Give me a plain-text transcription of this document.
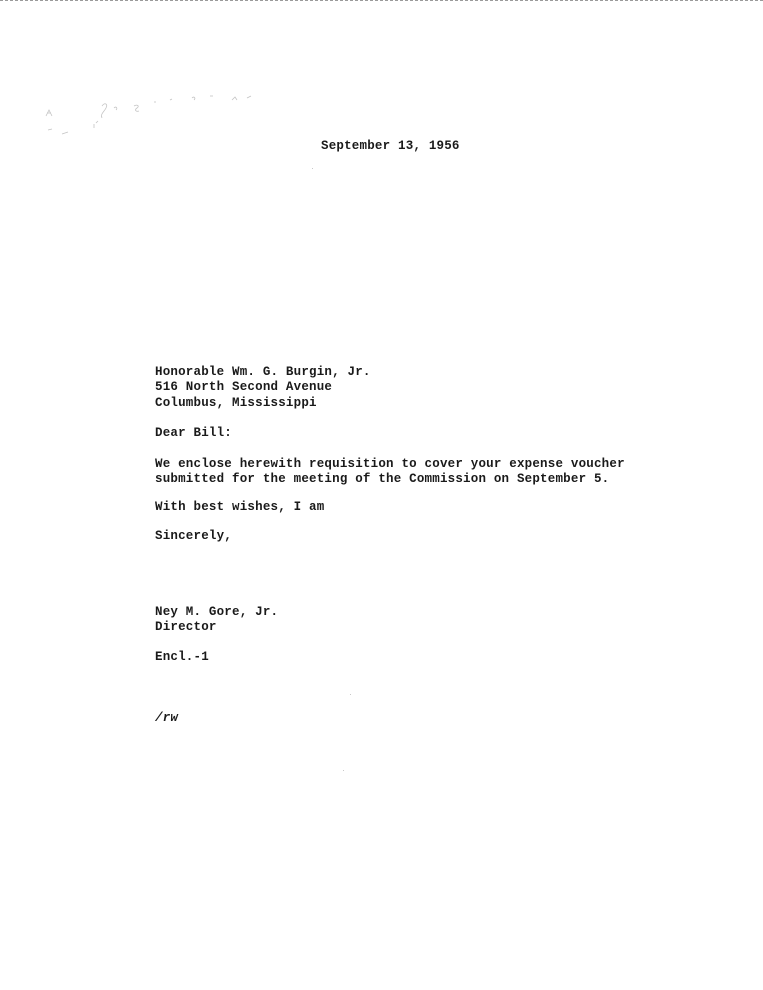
September 13, 1956
Honorable Wm. G. Burgin, Jr.
516 North Second Avenue
Columbus, Mississippi
Dear Bill:
We enclose herewith requisition to cover your expense voucher
submitted for the meeting of the Commission on September 5.
With best wishes, I am
Sincerely,
Ney M. Gore, Jr.
Director
Encl.-1
/rw
